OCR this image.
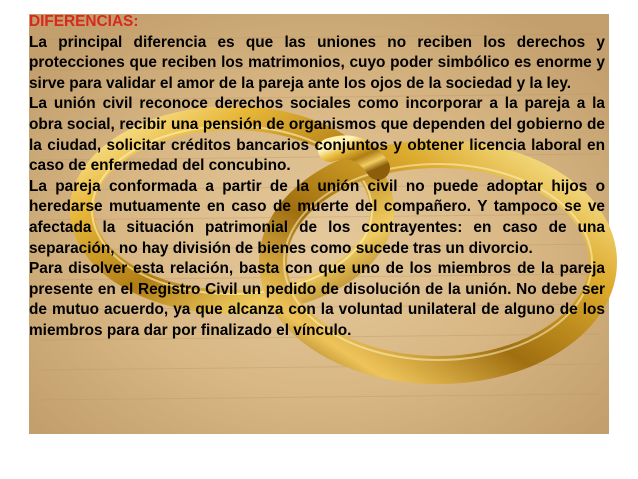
DIFERENCIAS:

La principal diferencia es que las uniones no reciben los derechos y protecciones que reciben los matrimonios, cuyo poder simbólico es enorme y sirve para validar el amor de la pareja ante los ojos de la sociedad y la ley.

La unión civil reconoce derechos sociales como incorporar a la pareja a la obra social, recibir una pensión de organismos que dependen del gobierno de la ciudad, solicitar créditos bancarios conjuntos y obtener licencia laboral en caso de enfermedad del concubino.

La pareja conformada a partir de la unión civil no puede adoptar hijos o heredarse mutuamente en caso de muerte del compañero. Y tampoco se ve afectada la situación patrimonial de los contrayentes: en caso de una separación, no hay división de bienes como sucede tras un divorcio.

Para disolver esta relación, basta con que uno de los miembros de la pareja presente en el Registro Civil un pedido de disolución de la unión. No debe ser de mutuo acuerdo, ya que alcanza con la voluntad unilateral de alguno de los miembros para dar por finalizado el vínculo.
